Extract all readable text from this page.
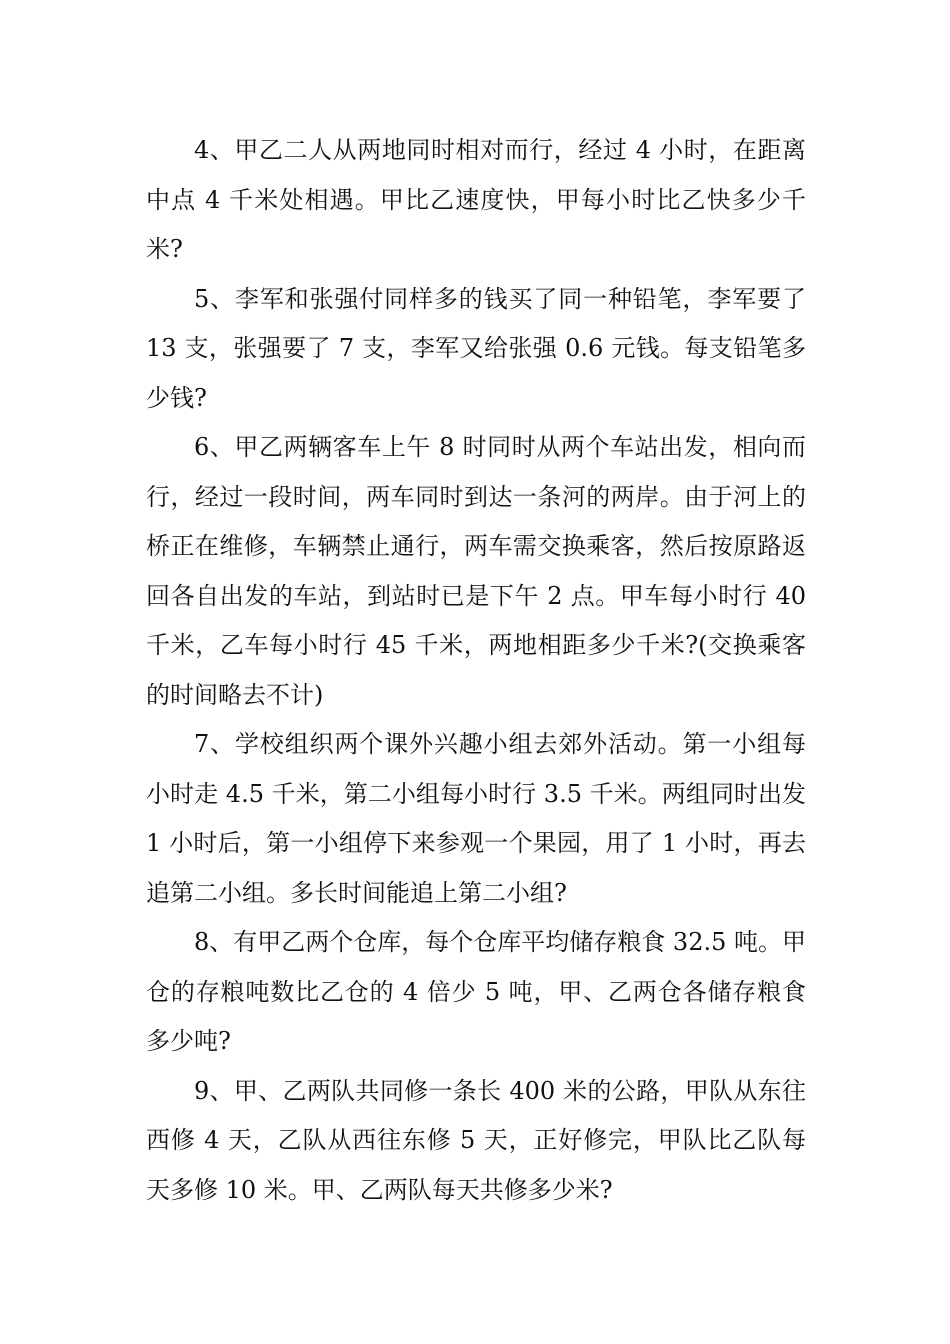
4、甲乙二人从两地同时相对而行，经过 4 小时，在距离中点 4 千米处相遇。甲比乙速度快，甲每小时比乙快多少千米?

5、李军和张强付同样多的钱买了同一种铅笔，李军要了 13 支，张强要了 7 支，李军又给张强 0.6 元钱。每支铅笔多少钱?

6、甲乙两辆客车上午 8 时同时从两个车站出发，相向而行，经过一段时间，两车同时到达一条河的两岸。由于河上的桥正在维修，车辆禁止通行，两车需交换乘客，然后按原路返回各自出发的车站，到站时已是下午 2 点。甲车每小时行 40 千米，乙车每小时行 45 千米，两地相距多少千米?(交换乘客的时间略去不计)

7、学校组织两个课外兴趣小组去郊外活动。第一小组每小时走 4.5 千米，第二小组每小时行 3.5 千米。两组同时出发 1 小时后，第一小组停下来参观一个果园，用了 1 小时，再去追第二小组。多长时间能追上第二小组?

8、有甲乙两个仓库，每个仓库平均储存粮食 32.5 吨。甲仓的存粮吨数比乙仓的 4 倍少 5 吨，甲、乙两仓各储存粮食多少吨?

9、甲、乙两队共同修一条长 400 米的公路，甲队从东往西修 4 天，乙队从西往东修 5 天，正好修完，甲队比乙队每天多修 10 米。甲、乙两队每天共修多少米?
